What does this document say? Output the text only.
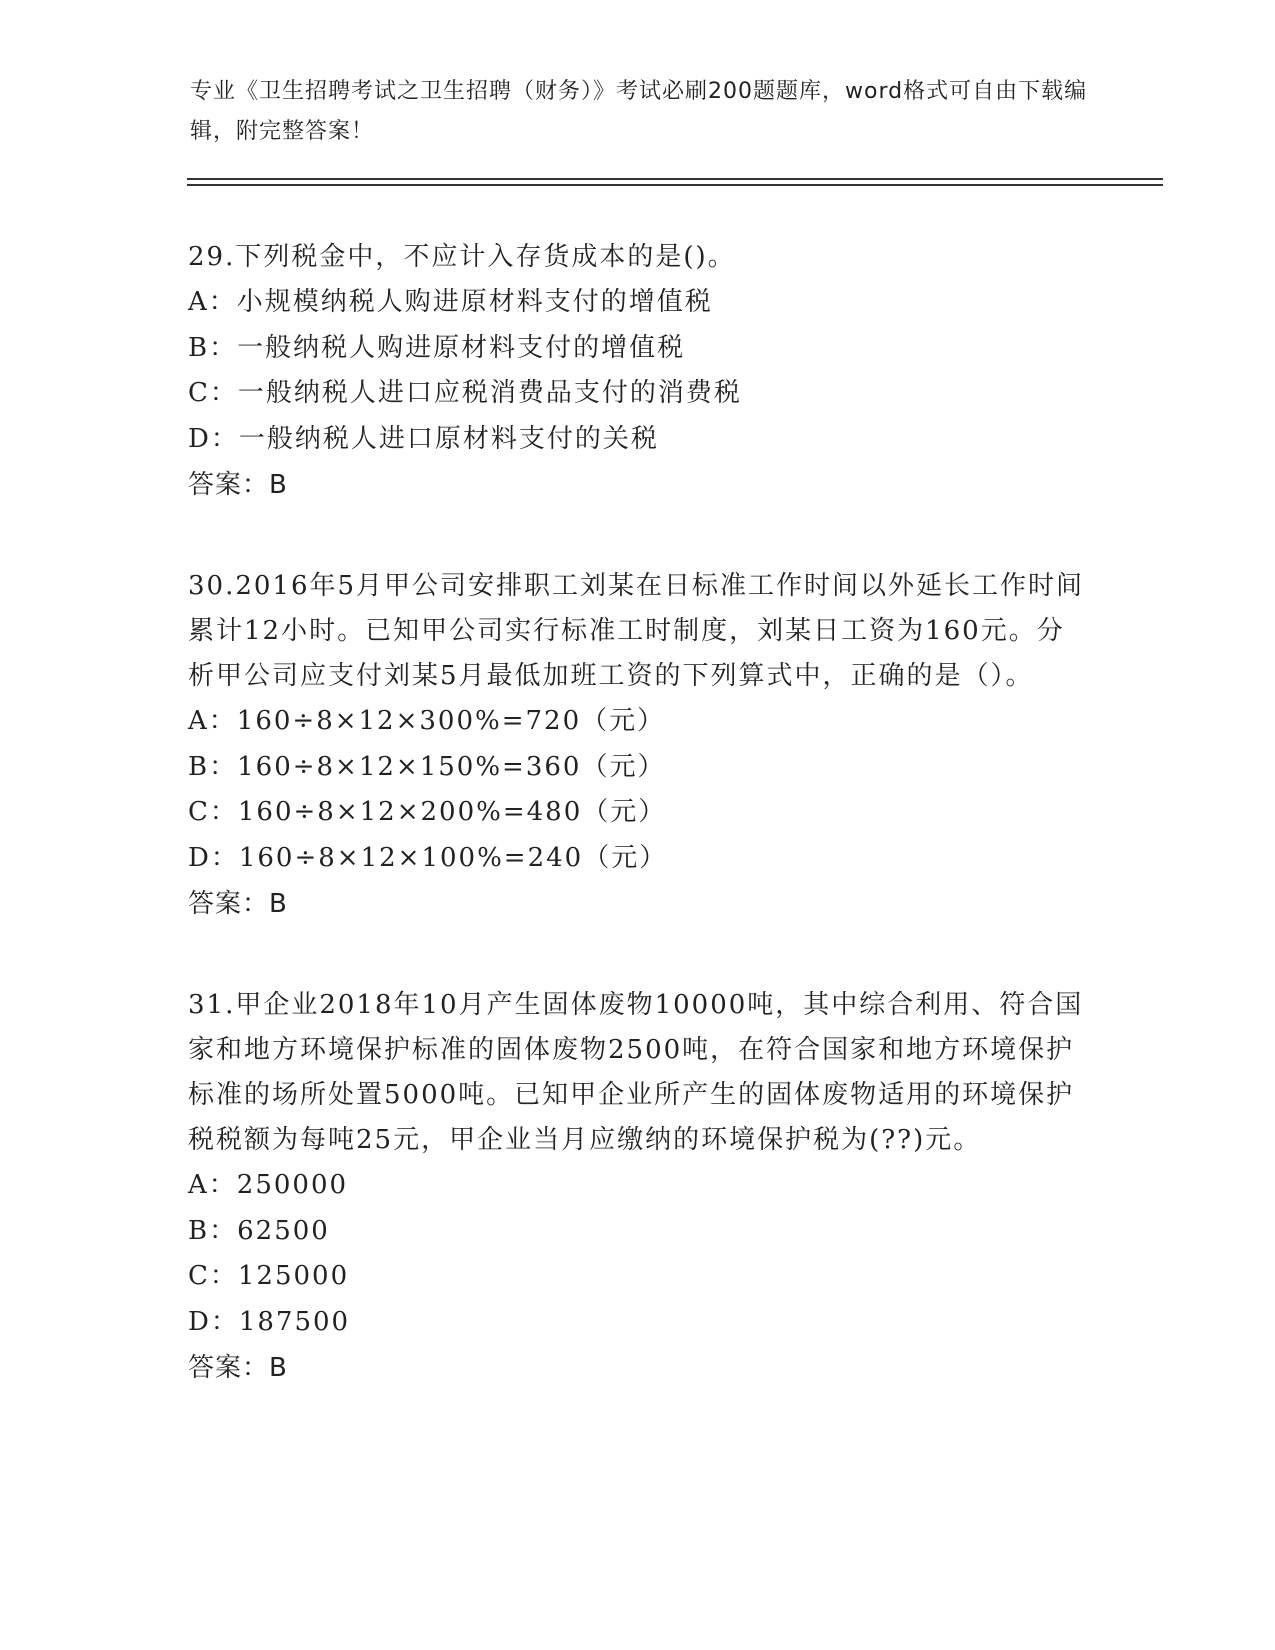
专业《卫生招聘考试之卫生招聘（财务）》考试必刷200题题库，word格式可自由下载编辑，附完整答案！
29.下列税金中，不应计入存货成本的是()。
A：小规模纳税人购进原材料支付的增值税
B：一般纳税人购进原材料支付的增值税
C：一般纳税人进口应税消费品支付的消费税
D：一般纳税人进口原材料支付的关税
答案：B
30.2016年5月甲公司安排职工刘某在日标准工作时间以外延长工作时间累计12小时。已知甲公司实行标准工时制度，刘某日工资为160元。分析甲公司应支付刘某5月最低加班工资的下列算式中，正确的是（）。
A：160÷8×12×300%=720（元）
B：160÷8×12×150%=360（元）
C：160÷8×12×200%=480（元）
D：160÷8×12×100%=240（元）
答案：B
31.甲企业2018年10月产生固体废物10000吨，其中综合利用、符合国家和地方环境保护标准的固体废物2500吨，在符合国家和地方环境保护标准的场所处置5000吨。已知甲企业所产生的固体废物适用的环境保护税税额为每吨25元，甲企业当月应缴纳的环境保护税为(??)元。
A：250000
B：62500
C：125000
D：187500
答案：B
